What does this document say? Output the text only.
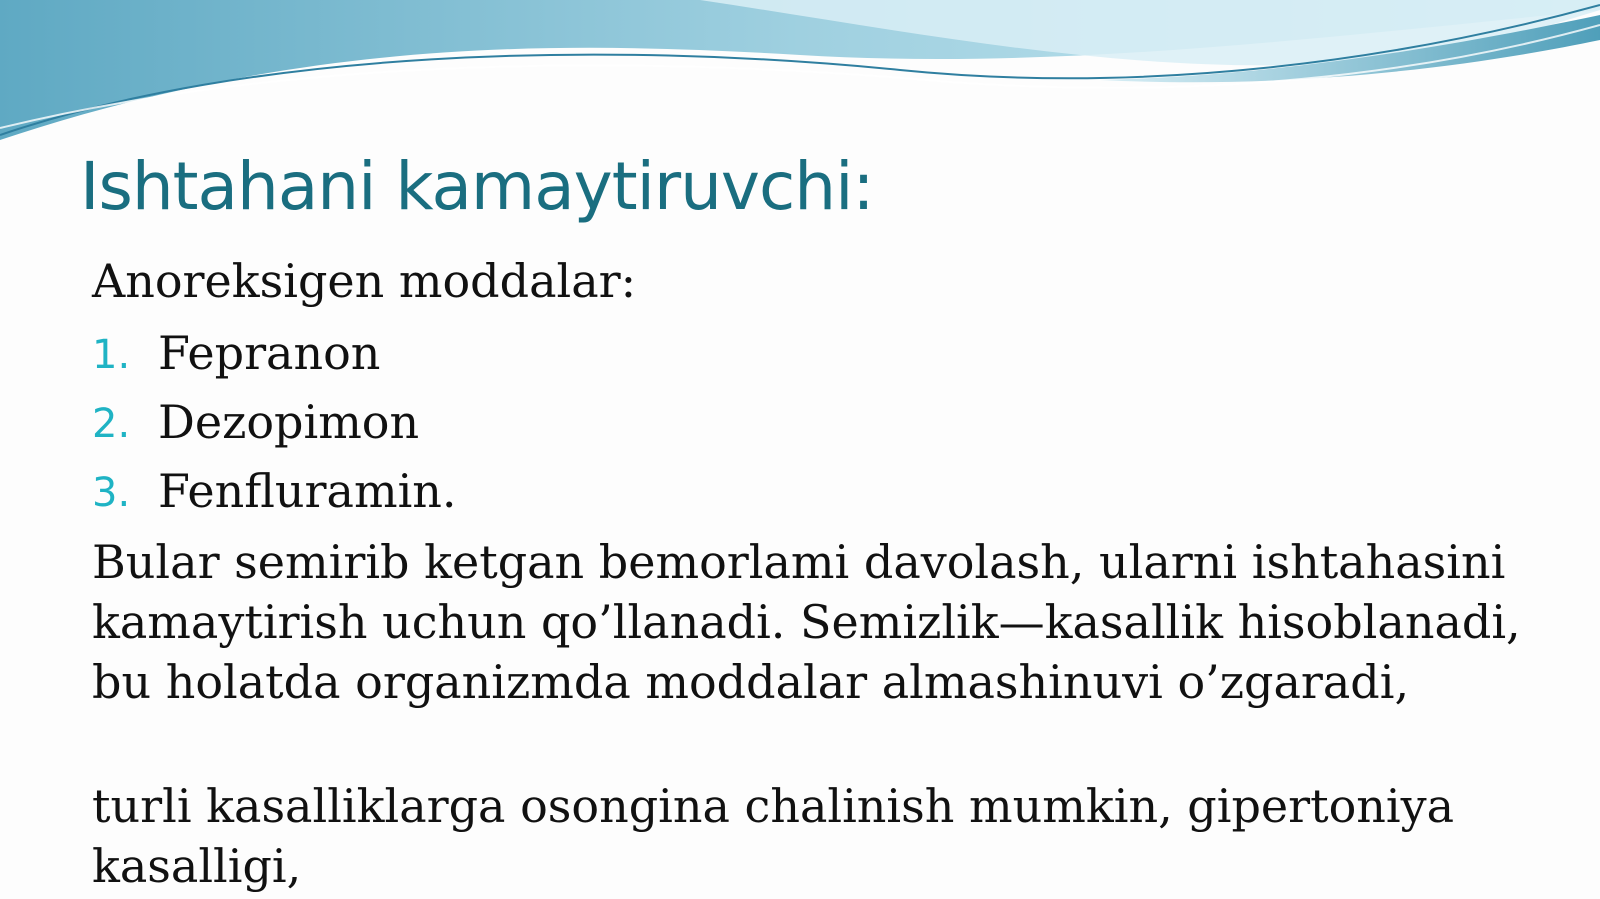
Ishtahani kamaytiruvchi:
Anoreksigen moddalar:
1. Fepranon
2. Dezopimon
3. Fenfluramin.

Bular semirib ketgan bemorlami davolash, ularni ishtahasini kamaytirish uchun qo’llanadi. Semizlik—kasallik hisoblanadi, bu holatda organizmda moddalar almashinuvi o’zgaradi,

turli kasalliklarga osongina chalinish mumkin, gipertoniya kasalligi,
